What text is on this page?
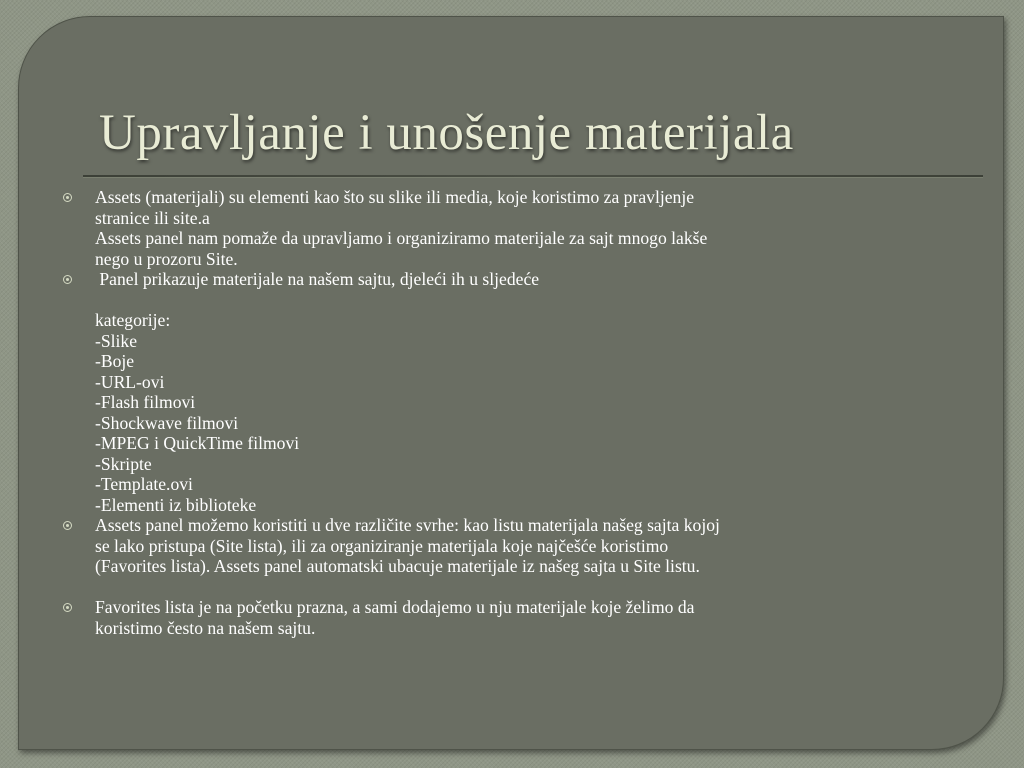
Upravljanje i unošenje materijala
Assets (materijali) su elementi kao što su slike ili media, koje koristimo za pravljenje
stranice ili site.a
Assets panel nam pomaže da upravljamo i organiziramo materijale za sajt mnogo lakše
nego u prozoru Site.
Panel prikazuje materijale na našem sajtu, djeleći ih u sljedeće
kategorije:
-Slike
-Boje
-URL-ovi
-Flash filmovi
-Shockwave filmovi
-MPEG i QuickTime filmovi
-Skripte
-Template.ovi
-Elementi iz biblioteke
Assets panel možemo koristiti u dve različite svrhe: kao listu materijala našeg sajta kojoj
se lako pristupa (Site lista), ili za organiziranje materijala koje najčešće koristimo
(Favorites lista). Assets panel automatski ubacuje materijale iz našeg sajta u Site listu.
Favorites lista je na početku prazna, a sami dodajemo u nju materijale koje želimo da
koristimo često na našem sajtu.
